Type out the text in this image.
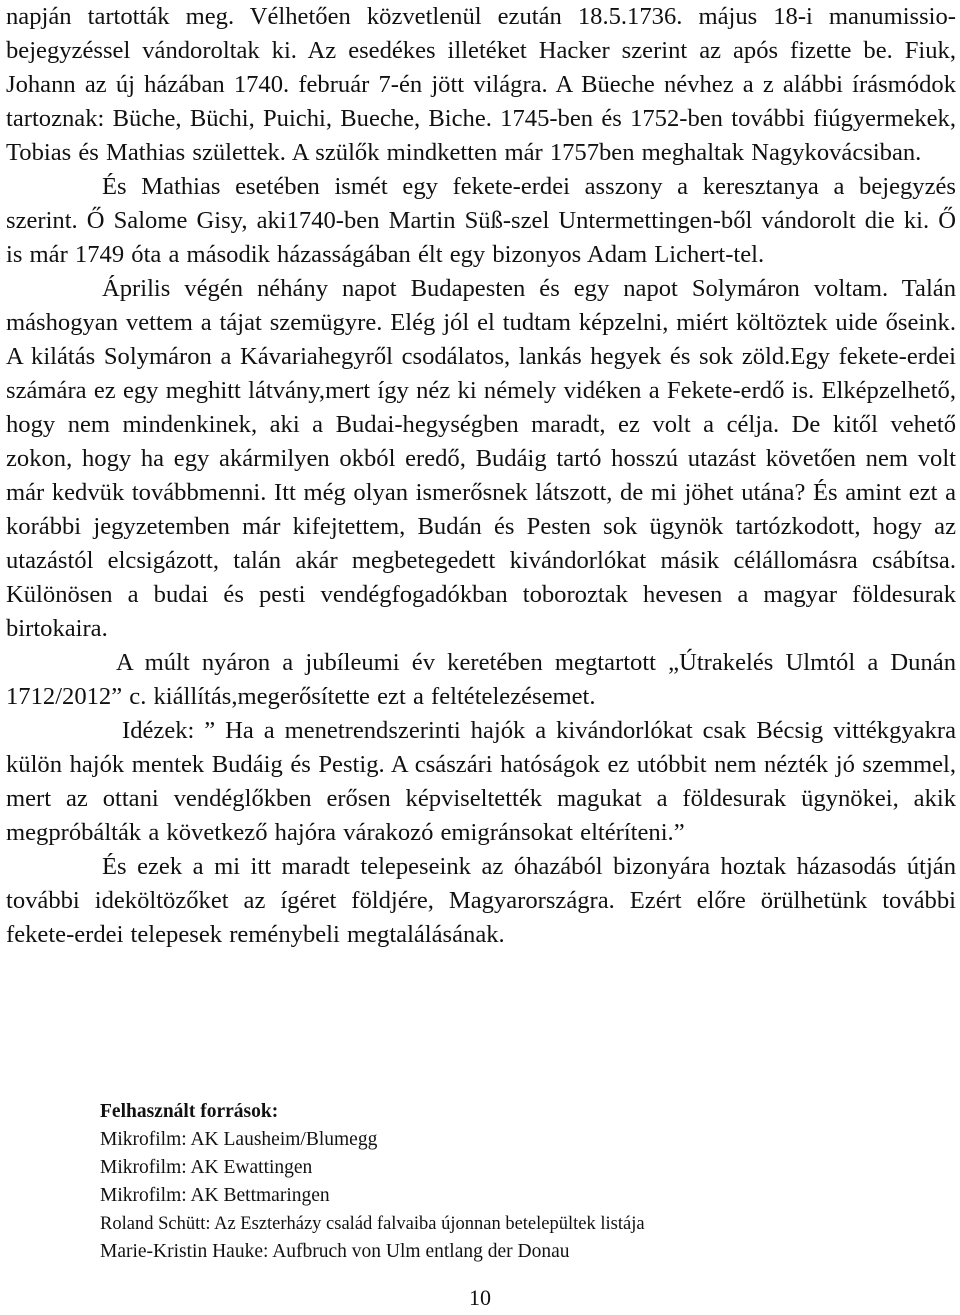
napján tartották meg. Vélhetően közvetlenül ezután 18.5.1736. május 18-i manumissio-bejegyzéssel vándoroltak ki. Az esedékes illetéket Hacker szerint az após fizette be. Fiuk, Johann az új házában 1740. február 7-én jött világra. A Büeche névhez a z alábbi írásmódok tartoznak: Büche, Büchi, Puichi, Bueche, Biche. 1745-ben és 1752-ben további fiúgyermekek, Tobias és Mathias születtek. A szülők mindketten már 1757ben meghaltak Nagykovácsiban.

És Mathias esetében ismét egy fekete-erdei asszony a keresztanya a bejegyzés szerint. Ő Salome Gisy, aki1740-ben Martin Süß-szel Untermettingen-ből vándorolt die ki. Ő is már 1749 óta a második házasságában élt egy bizonyos Adam Lichert-tel.

Április végén néhány napot Budapesten és egy napot Solymáron voltam. Talán máshogyan vettem a tájat szemügyre. Elég jól el tudtam képzelni, miért költöztek uide őseink. A kilátás Solymáron a Kávariahegyről csodálatos, lankás hegyek és sok zöld.Egy fekete-erdei számára ez egy meghitt látvány,mert így néz ki némely vidéken a Fekete-erdő is. Elképzelhető, hogy nem mindenkinek, aki a Budai-hegységben maradt, ez volt a célja. De kitől vehető zokon, hogy ha egy akármilyen okból eredő, Budáig tartó hosszú utazást követően nem volt már kedvük továbbmenni. Itt még olyan ismerősnek látszott, de mi jöhet utána? És amint ezt a korábbi jegyzetemben már kifejtettem, Budán és Pesten sok ügynök tartózkodott, hogy az utazástól elcsigázott, talán akár megbetegedett kivándorlókat másik célállomásra csábítsa. Különösen a budai és pesti vendégfogadókban toboroztak hevesen a magyar földesurak birtokaira.

A múlt nyáron a jubíleumi év keretében megtartott „Útrakelés Ulmtól a Dunán 1712/2012” c. kiállítás,megerősítette ezt a feltételezésemet.

Idézek: ” Ha a menetrendszerinti hajók a kivándorlókat csak Bécsig vittékgyakra külön hajók mentek Budáig és Pestig. A császári hatóságok ez utóbbit nem nézték jó szemmel, mert az ottani vendéglőkben erősen képviseltették magukat a földesurak ügynökei, akik megpróbálták a következő hajóra várakozó emigránsokat eltéríteni.”

És ezek a mi itt maradt telepeseink az óhazából bizonyára hoztak házasodás útján további ideköltözőket az ígéret földjére, Magyarországra. Ezért előre örülhetünk további fekete-erdei telepesek reménybeli megtalálásának.

Felhasznált források:
Mikrofilm: AK Lausheim/Blumegg
Mikrofilm: AK Ewattingen
Mikrofilm: AK Bettmaringen
Roland Schütt: Az Eszterházy család falvaiba újonnan betelepültek listája
Marie-Kristin Hauke: Aufbruch von Ulm entlang der Donau
10
